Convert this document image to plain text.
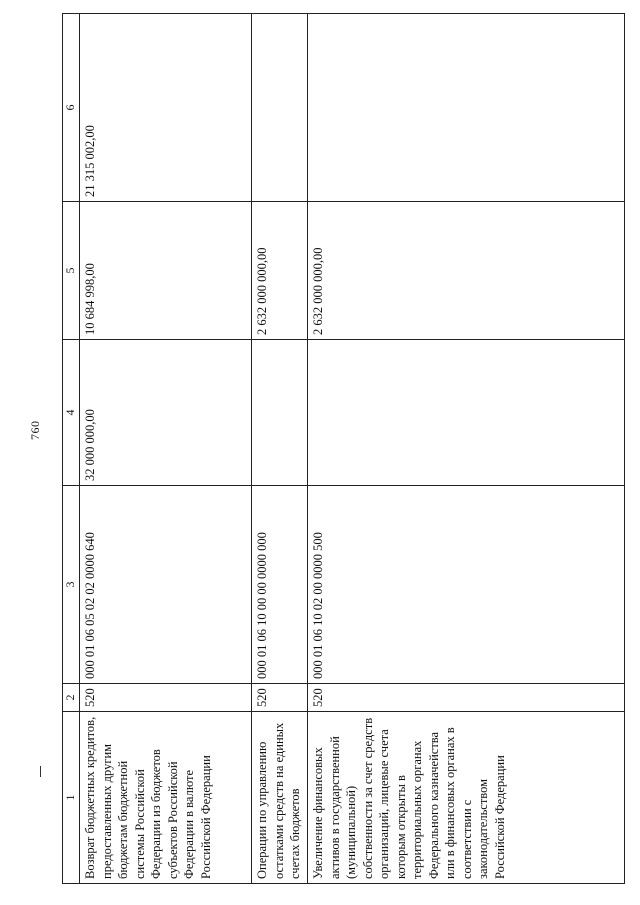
760
1	2	3	4	5	6
Возврат бюджетных кредитов, предоставленных другим бюджетам бюджетной системы Российской Федерации из бюджетов субъектов Российской Федерации в валюте Российской Федерации	520	000 01 06 05 02 02 0000 640	32 000 000,00	10 684 998,00	21 315 002,00
Операции по управлению остатками средств на единых счетах бюджетов	520	000 01 06 10 00 00 0000 000		2 632 000 000,00	
Увеличение финансовых активов в государственной (муниципальной) собственности за счет средств организаций, лицевые счета которым открыты в территориальных органах Федерального казначейства или в финансовых органах в соответствии с законодательством Российской Федерации	520	000 01 06 10 02 00 0000 500		2 632 000 000,00	
